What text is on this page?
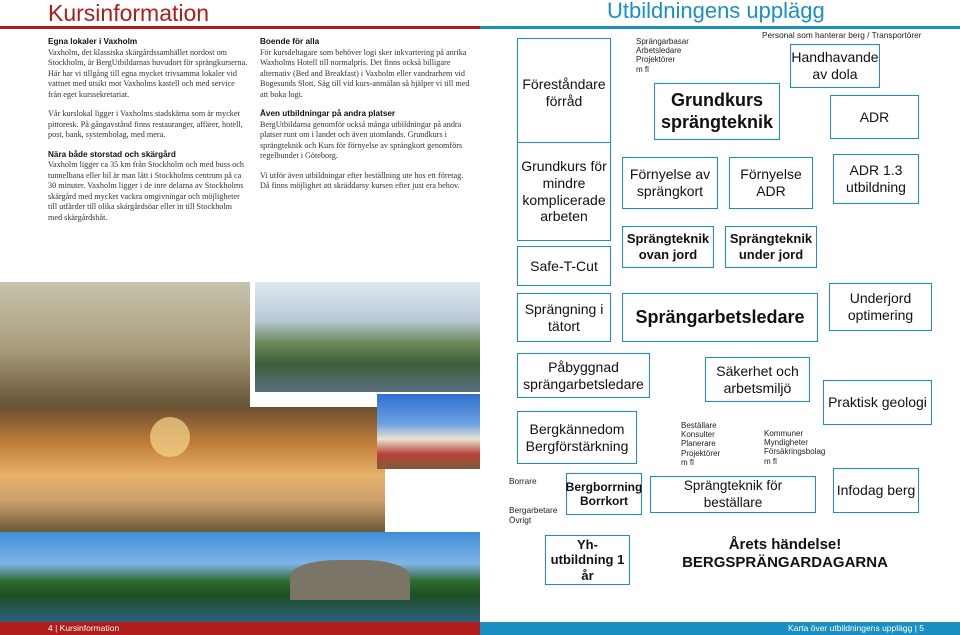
Kursinformation	Utbildningens upplägg
Egna lokaler i Vaxholm

Vaxholm, det klassiska skärgårdssamhället nordost om Stockholm, är BergUtbildarnas huvudort för sprängkurserna. Här har vi tillgång till egna mycket trivsamma lokaler vid vattnet med utsikt mot Vaxholms kastell och med service från eget kurssekretariat.

Vår kurslokal ligger i Vaxholms stadskärna som är mycket pittoresk. På gångavstånd finns restauranger, affärer, hotell, post, bank, systembolag, med mera.

Nära både storstad och skärgård

Vaxholm ligger ca 35 km från Stockholm och med buss och tunnelbana eller bil är man lätt i Stockholms centrum på ca 30 minuter. Vaxholm ligger i de inre delarna av Stockholms skärgård med mycket vackra omgivningar och möjligheter till utfärder till olika skärgårdsöar eller in till Stockholm med skärgårdsbåt.

Boende för alla

För kursdeltagare som behöver logi sker inkvartering på anrika Waxholms Hotell till normalpris. Det finns också billigare alternativ (Bed and Breakfast) i Vaxholm eller vandrarhem vid Bogesunds Slott. Säg till vid kurs-anmälan så hjälper vi till med att boka logi.

Även utbildningar på andra platser

BergUtbildarna genomför också många utbildningar på andra platser runt om i landet och även utomlands. Grundkurs i sprängteknik och Kurs för förnyelse av sprängkort genomförs regelbundet i Göteborg.

Vi utför även utbildningar efter beställning ute hos ett företag. Då finns möjlighet att skräddarsy kursen efter just era behov.

Föreståndare förråd
Sprängarbasar
Arbetsledare
Projektörer
m fl
Personal som hanterar berg / Transportörer
Handhavande av dola
Grundkurs sprängteknik	ADR
Grundkurs för mindre komplicerade arbeten
Förnyelse av sprängkort
Förnyelse ADR
ADR 1.3 utbildning
Sprängteknik ovan jord
Sprängteknik under jord
Safe-T-Cut
Sprängning i tätort	Sprängarbetsledare
Underjord optimering
Påbyggnad sprängarbetsledare
Säkerhet och arbetsmiljö
Praktisk geologi
Bergkännedom Bergförstärkning
Beställare
Konsulter
Planerare
Projektörer
m fl
Kommuner
Myndigheter
Försäkringsbolag
m fl
Borrare
Bergarbetare
Övrigt
Bergborrning Borrkort
Sprängteknik för beställare
Infodag berg
Yh-utbildning 1 år
Årets händelse! BERGSPRÄNGARDAGARNA
4 | Kursinformation	Karta över utbildningens upplägg | 5
